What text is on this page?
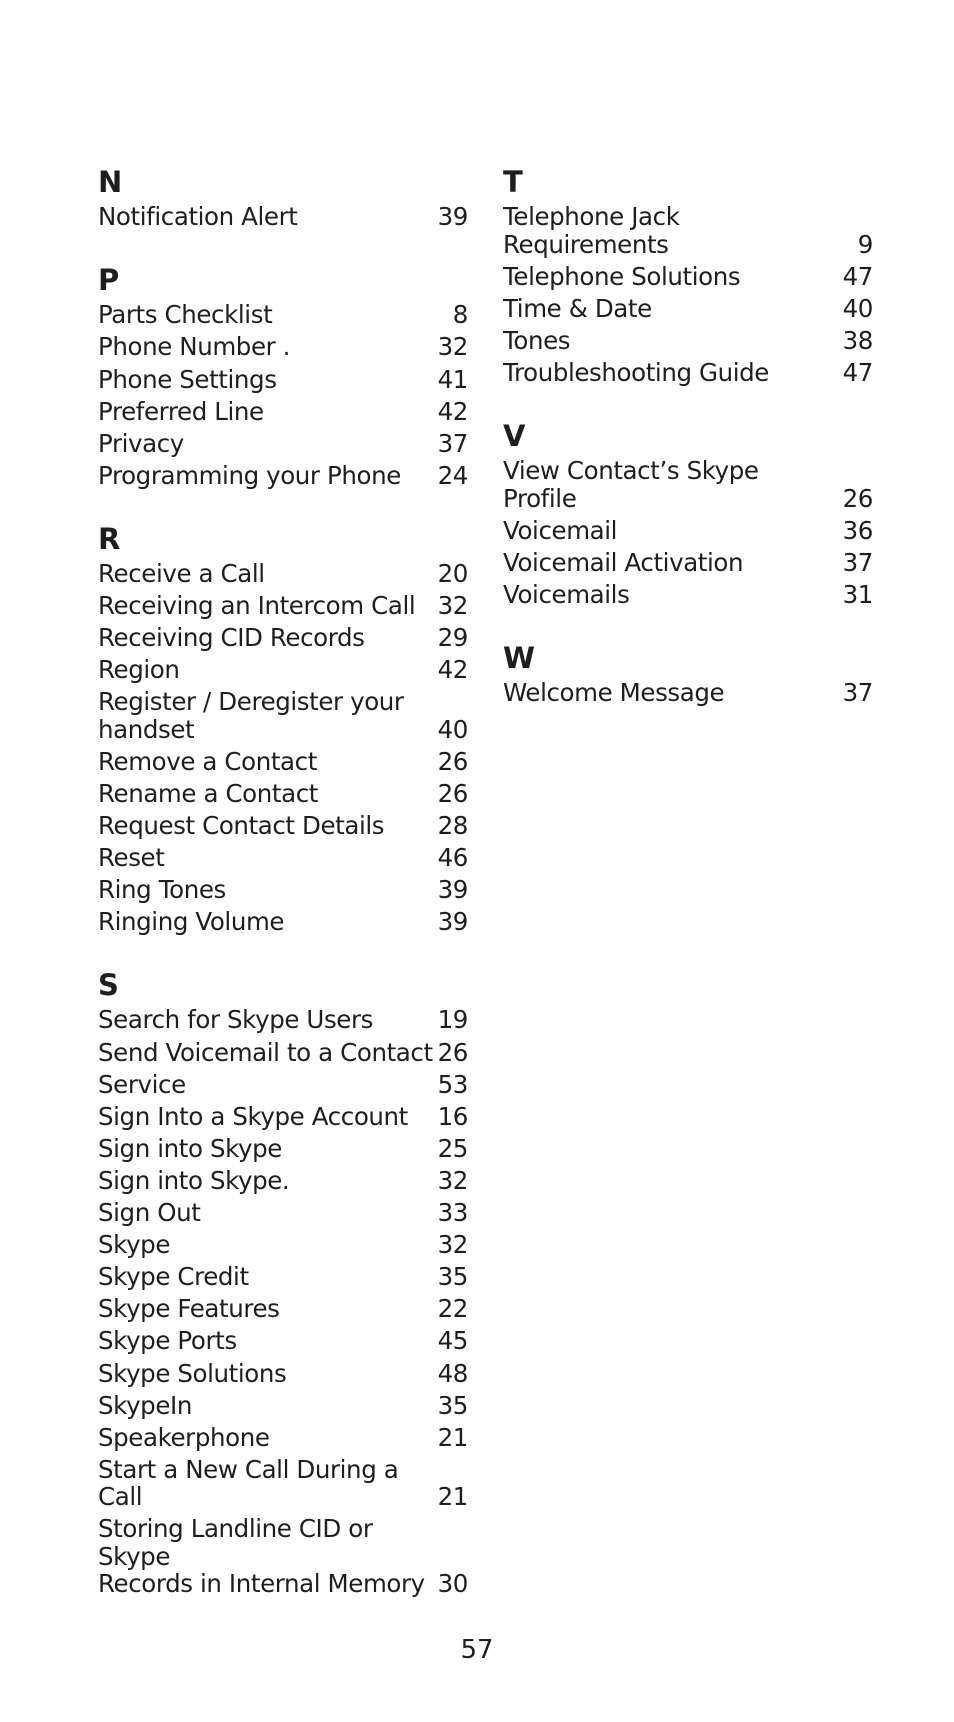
N
Notification Alert	39
P
Parts Checklist	8
Phone Number .	32
Phone Settings	41
Preferred Line	42
Privacy	37
Programming your Phone 24
R
Receive a Call	20
Receiving an Intercom Call 32
Receiving CID Records	29
Region	42
Register / Deregister your
handset	40
Remove a Contact	26
Rename a Contact	26
Request Contact Details 28
Reset	46
Ring Tones	39
Ringing Volume	39
S
Search for Skype Users	19
Send Voicemail to a Contact 26
Service	53
Sign Into a Skype Account 16
Sign into Skype	25
Sign into Skype.	32
Sign Out	33
Skype	32
Skype Credit	35
Skype Features	22
Skype Ports	45
Skype Solutions	48
SkypeIn	35
Speakerphone	21
Start a New Call During a Call	21
Storing Landline CID or Skype
Records in Internal Memory 30
T
Telephone Jack Requirements	9
Telephone Solutions	47
Time & Date	40
Tones	38
Troubleshooting Guide	47
V
View Contact’s Skype Profile	26
Voicemail	36
Voicemail Activation	37
Voicemails	31
W
Welcome Message	37
57
